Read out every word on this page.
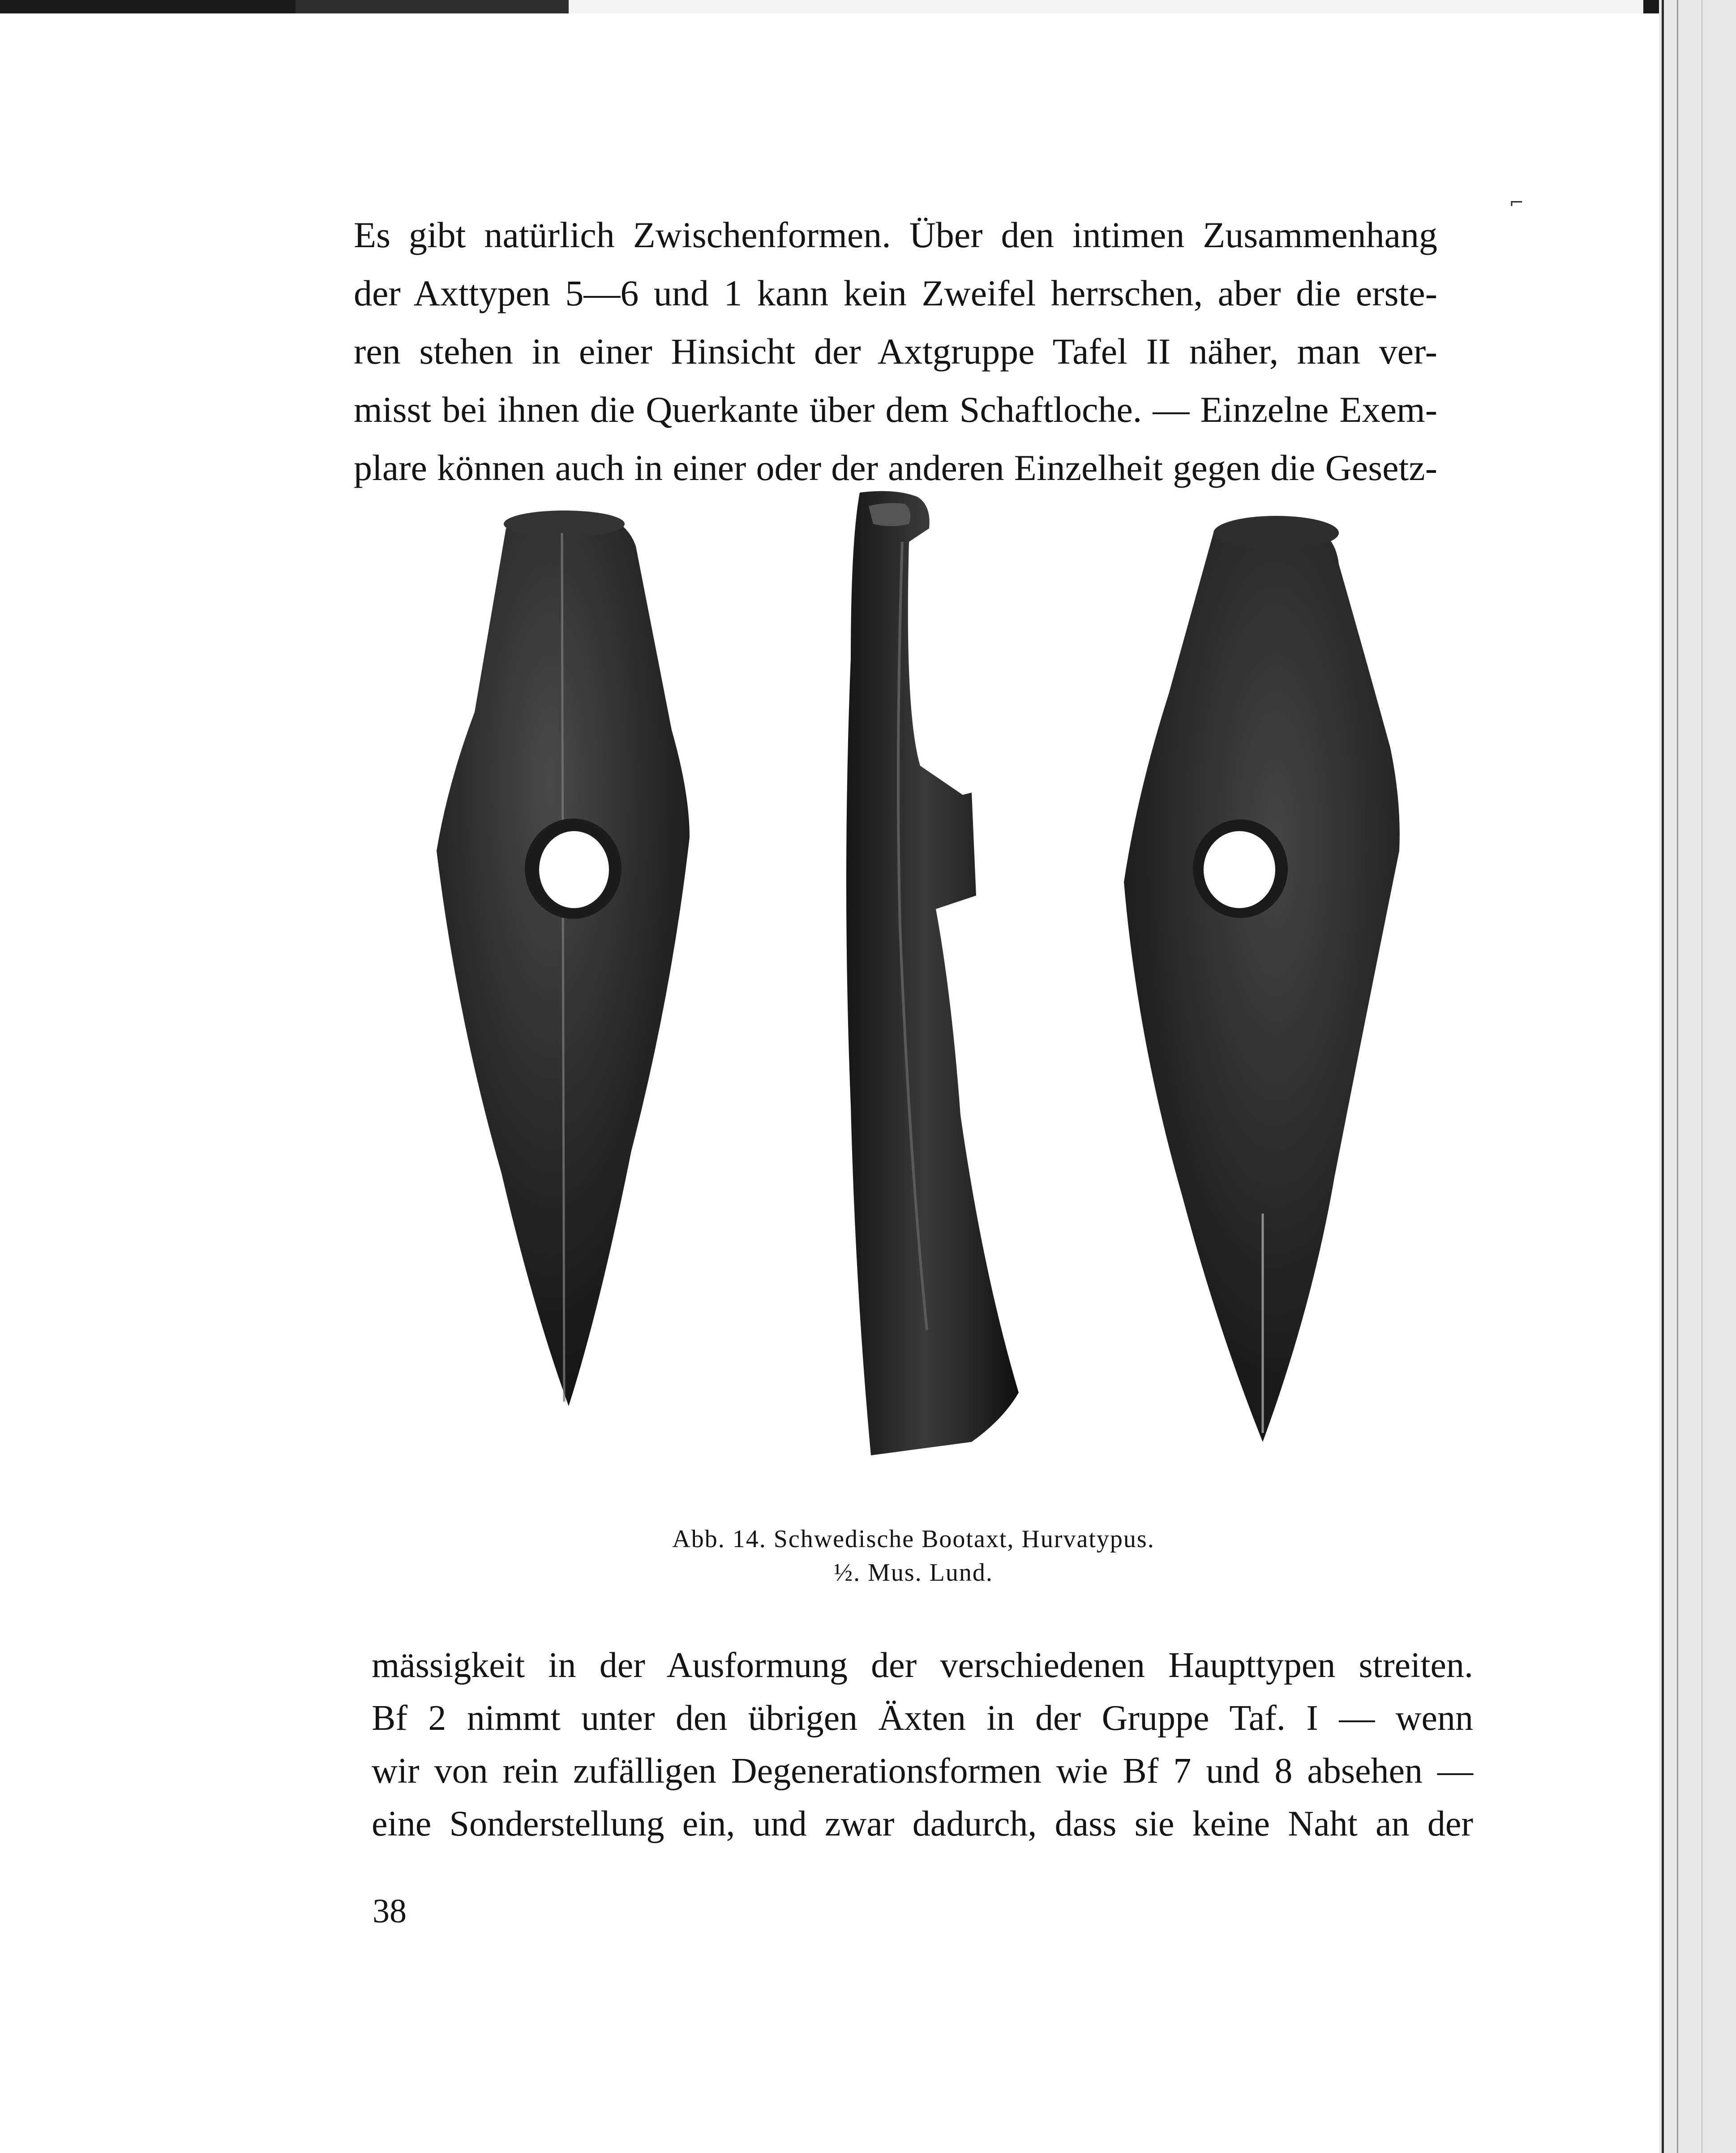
⌐
Es gibt natürlich Zwischenformen. Über den intimen Zusammenhang
der Axttypen 5—6 und 1 kann kein Zweifel herrschen, aber die erste-
ren stehen in einer Hinsicht der Axtgruppe Tafel II näher, man ver-
misst bei ihnen die Querkante über dem Schaftloche. — Einzelne Exem-
plare können auch in einer oder der anderen Einzelheit gegen die Gesetz-
Abb. 14. Schwedische Bootaxt, Hurvatypus.
½. Mus. Lund.
mässigkeit in der Ausformung der verschiedenen Haupttypen streiten.
Bf 2 nimmt unter den übrigen Äxten in der Gruppe Taf. I — wenn
wir von rein zufälligen Degenerationsformen wie Bf 7 und 8 absehen —
eine Sonderstellung ein, und zwar dadurch, dass sie keine Naht an der
38
